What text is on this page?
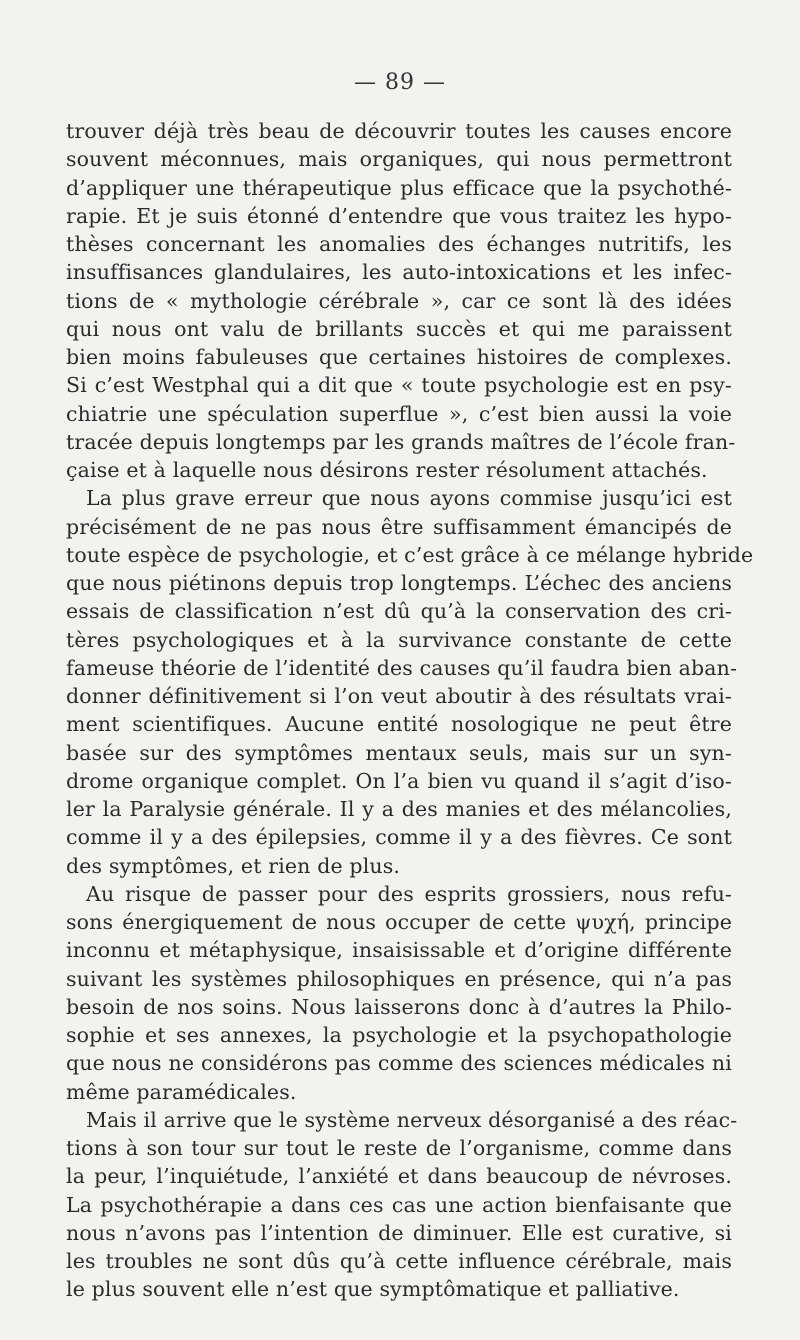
— 89 —
trouver déjà très beau de découvrir toutes les causes encore
souvent méconnues, mais organiques, qui nous permettront
d’appliquer une thérapeutique plus efficace que la psychothé-
rapie. Et je suis étonné d’entendre que vous traitez les hypo-
thèses concernant les anomalies des échanges nutritifs, les
insuffisances glandulaires, les auto-intoxications et les infec-
tions de « mythologie cérébrale », car ce sont là des idées
qui nous ont valu de brillants succès et qui me paraissent
bien moins fabuleuses que certaines histoires de complexes.
Si c’est Westphal qui a dit que « toute psychologie est en psy-
chiatrie une spéculation superflue », c’est bien aussi la voie
tracée depuis longtemps par les grands maîtres de l’école fran-
çaise et à laquelle nous désirons rester résolument attachés.
La plus grave erreur que nous ayons commise jusqu’ici est
précisément de ne pas nous être suffisamment émancipés de
toute espèce de psychologie, et c’est grâce à ce mélange hybride
que nous piétinons depuis trop longtemps. L’échec des anciens
essais de classification n’est dû qu’à la conservation des cri-
tères psychologiques et à la survivance constante de cette
fameuse théorie de l’identité des causes qu’il faudra bien aban-
donner définitivement si l’on veut aboutir à des résultats vrai-
ment scientifiques. Aucune entité nosologique ne peut être
basée sur des symptômes mentaux seuls, mais sur un syn-
drome organique complet. On l’a bien vu quand il s’agit d’iso-
ler la Paralysie générale. Il y a des manies et des mélancolies,
comme il y a des épilepsies, comme il y a des fièvres. Ce sont
des symptômes, et rien de plus.
Au risque de passer pour des esprits grossiers, nous refu-
sons énergiquement de nous occuper de cette ψυχή, principe
inconnu et métaphysique, insaisissable et d’origine différente
suivant les systèmes philosophiques en présence, qui n’a pas
besoin de nos soins. Nous laisserons donc à d’autres la Philo-
sophie et ses annexes, la psychologie et la psychopathologie
que nous ne considérons pas comme des sciences médicales ni
même paramédicales.
Mais il arrive que le système nerveux désorganisé a des réac-
tions à son tour sur tout le reste de l’organisme, comme dans
la peur, l’inquiétude, l’anxiété et dans beaucoup de névroses.
La psychothérapie a dans ces cas une action bienfaisante que
nous n’avons pas l’intention de diminuer. Elle est curative, si
les troubles ne sont dûs qu’à cette influence cérébrale, mais
le plus souvent elle n’est que symptômatique et palliative.
